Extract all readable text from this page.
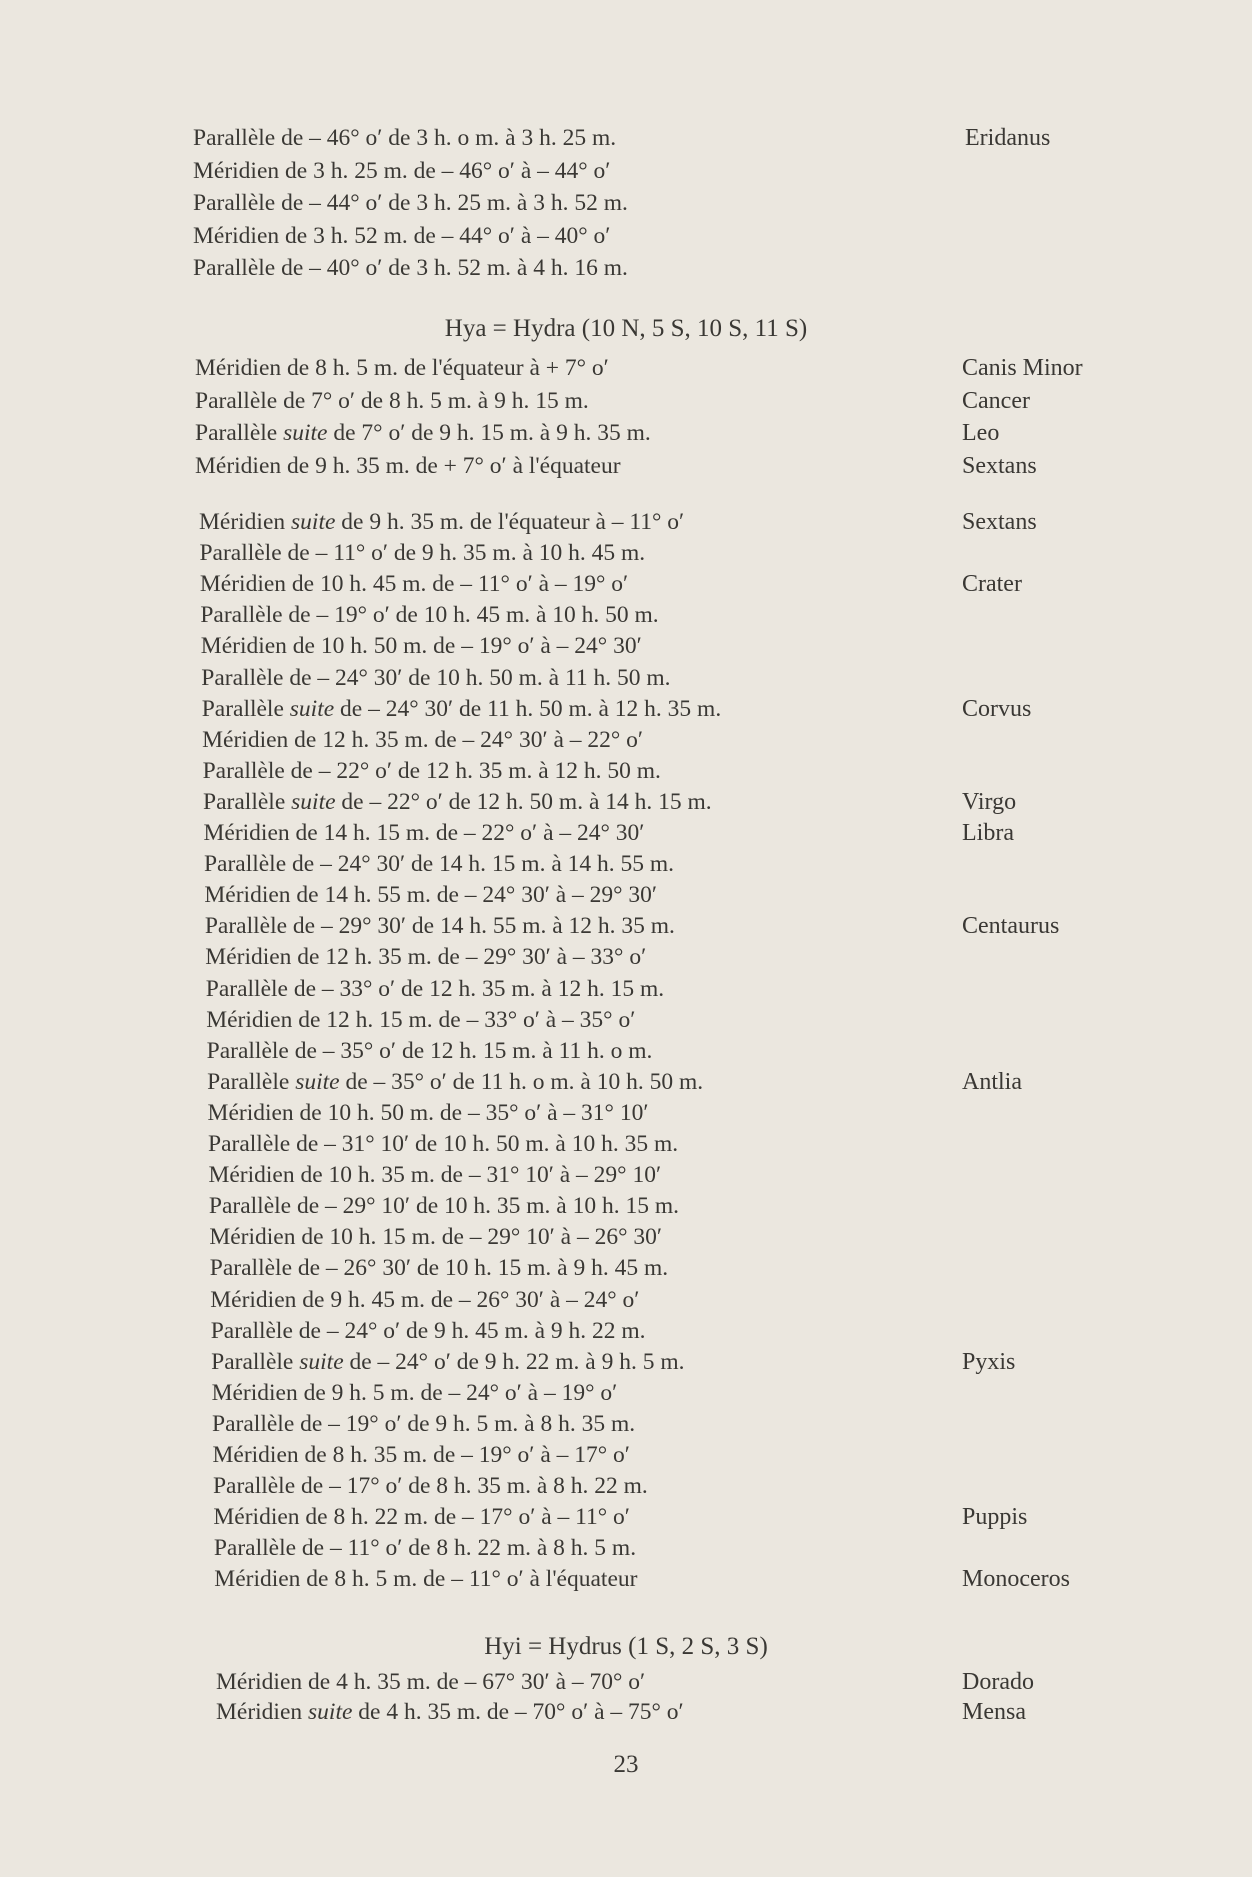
Parallèle de – 46° o′ de 3 h. o m. à 3 h. 25 m.	Eridanus
Méridien de 3 h. 25 m. de – 46° o′ à – 44° o′
Parallèle de – 44° o′ de 3 h. 25 m. à 3 h. 52 m.
Méridien de 3 h. 52 m. de – 44° o′ à – 40° o′
Parallèle de – 40° o′ de 3 h. 52 m. à 4 h. 16 m.
Hya = Hydra (10 N, 5 S, 10 S, 11 S)
Méridien de 8 h. 5 m. de l'équateur à + 7° o′	Canis Minor
Parallèle de 7° o′ de 8 h. 5 m. à 9 h. 15 m.	Cancer
Parallèle suite de 7° o′ de 9 h. 15 m. à 9 h. 35 m.	Leo
Méridien de 9 h. 35 m. de + 7° o′ à l'équateur	Sextans
Méridien suite de 9 h. 35 m. de l'équateur à – 11° o′	Sextans
Parallèle de – 11° o′ de 9 h. 35 m. à 10 h. 45 m.
Méridien de 10 h. 45 m. de – 11° o′ à – 19° o′	Crater
Parallèle de – 19° o′ de 10 h. 45 m. à 10 h. 50 m.
Méridien de 10 h. 50 m. de – 19° o′ à – 24° 30′
Parallèle de – 24° 30′ de 10 h. 50 m. à 11 h. 50 m.
Parallèle suite de – 24° 30′ de 11 h. 50 m. à 12 h. 35 m.	Corvus
Méridien de 12 h. 35 m. de – 24° 30′ à – 22° o′
Parallèle de – 22° o′ de 12 h. 35 m. à 12 h. 50 m.
Parallèle suite de – 22° o′ de 12 h. 50 m. à 14 h. 15 m.	Virgo
Méridien de 14 h. 15 m. de – 22° o′ à – 24° 30′	Libra
Parallèle de – 24° 30′ de 14 h. 15 m. à 14 h. 55 m.
Méridien de 14 h. 55 m. de – 24° 30′ à – 29° 30′
Parallèle de – 29° 30′ de 14 h. 55 m. à 12 h. 35 m.	Centaurus
Méridien de 12 h. 35 m. de – 29° 30′ à – 33° o′
Parallèle de – 33° o′ de 12 h. 35 m. à 12 h. 15 m.
Méridien de 12 h. 15 m. de – 33° o′ à – 35° o′
Parallèle de – 35° o′ de 12 h. 15 m. à 11 h. o m.
Parallèle suite de – 35° o′ de 11 h. o m. à 10 h. 50 m.	Antlia
Méridien de 10 h. 50 m. de – 35° o′ à – 31° 10′
Parallèle de – 31° 10′ de 10 h. 50 m. à 10 h. 35 m.
Méridien de 10 h. 35 m. de – 31° 10′ à – 29° 10′
Parallèle de – 29° 10′ de 10 h. 35 m. à 10 h. 15 m.
Méridien de 10 h. 15 m. de – 29° 10′ à – 26° 30′
Parallèle de – 26° 30′ de 10 h. 15 m. à 9 h. 45 m.
Méridien de 9 h. 45 m. de – 26° 30′ à – 24° o′
Parallèle de – 24° o′ de 9 h. 45 m. à 9 h. 22 m.
Parallèle suite de – 24° o′ de 9 h. 22 m. à 9 h. 5 m.	Pyxis
Méridien de 9 h. 5 m. de – 24° o′ à – 19° o′
Parallèle de – 19° o′ de 9 h. 5 m. à 8 h. 35 m.
Méridien de 8 h. 35 m. de – 19° o′ à – 17° o′
Parallèle de – 17° o′ de 8 h. 35 m. à 8 h. 22 m.
Méridien de 8 h. 22 m. de – 17° o′ à – 11° o′	Puppis
Parallèle de – 11° o′ de 8 h. 22 m. à 8 h. 5 m.
Méridien de 8 h. 5 m. de – 11° o′ à l'équateur	Monoceros
Hyi = Hydrus (1 S, 2 S, 3 S)
Méridien de 4 h. 35 m. de – 67° 30′ à – 70° o′	Dorado
Méridien suite de 4 h. 35 m. de – 70° o′ à – 75° o′	Mensa
23
